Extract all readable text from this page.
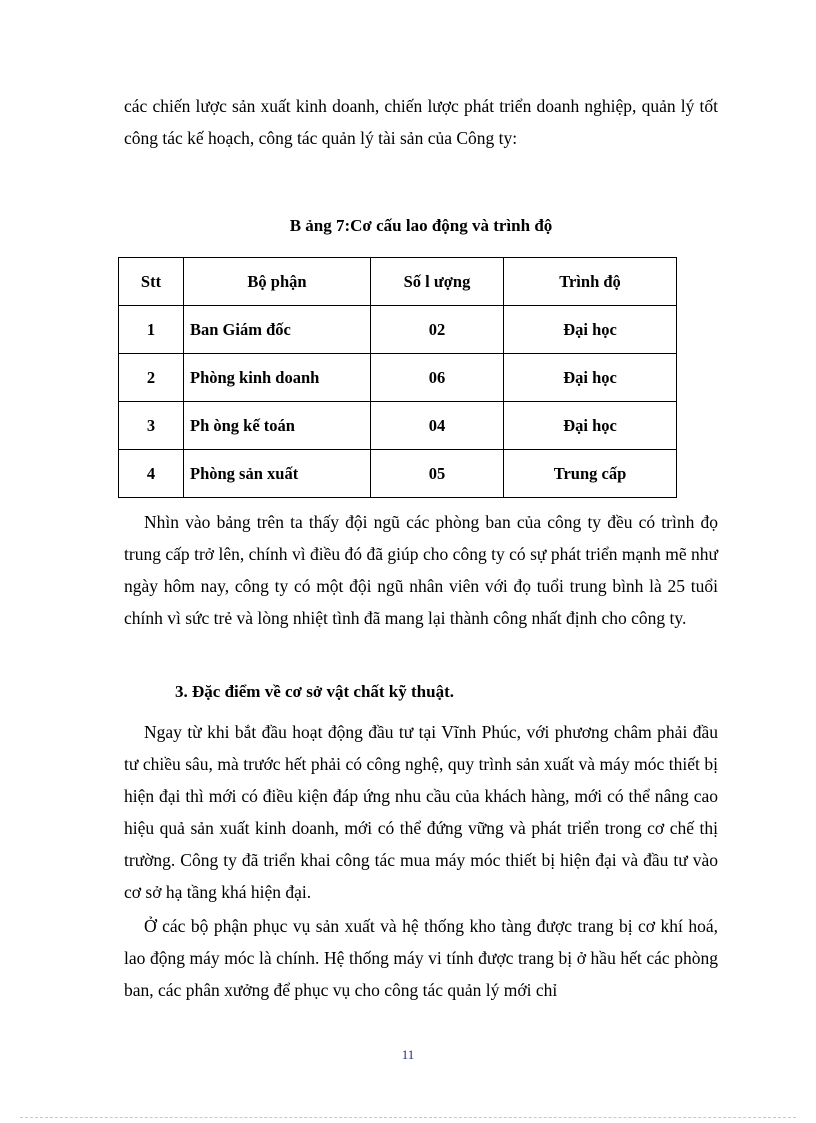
các chiến lược sản xuất kinh doanh, chiến lược phát triển doanh nghiệp, quản lý tốt công tác kế hoạch, công tác quản lý tài sản của Công ty:
B ảng 7:Cơ cấu lao động và trình độ
Stt	Bộ phận	Số l ượng	Trình độ
1	Ban Giám đốc	02	Đại học
2	Phòng kinh doanh	06	Đại học
3	Ph òng kế toán	04	Đại học
4	Phòng sản xuất	05	Trung cấp
Nhìn vào bảng trên ta thấy đội ngũ các phòng ban của công ty đều có trình đọ trung cấp trở lên, chính vì điều đó đã giúp cho công ty có sự phát triển mạnh mẽ như ngày hôm nay, công ty có một đội ngũ nhân viên với đọ tuổi trung bình là 25 tuổi chính vì sức trẻ và lòng nhiệt tình đã mang lại thành công nhất định cho công ty.
3. Đặc điểm về cơ sở vật chất kỹ thuật.
Ngay từ khi bắt đầu hoạt động đầu tư tại Vĩnh Phúc, với phương châm phải đầu tư chiều sâu, mà trước hết phải có công nghệ, quy trình sản xuất và máy móc thiết bị hiện đại thì mới có điều kiện đáp ứng nhu cầu của khách hàng, mới có thể nâng cao hiệu quả sản xuất kinh doanh, mới có thể đứng vững và phát triển trong cơ chế thị trường. Công ty đã triển khai công tác mua máy móc thiết bị hiện đại và đầu tư vào cơ sở hạ tầng khá hiện đại.
Ở các bộ phận phục vụ sản xuất và hệ thống kho tàng được trang bị cơ khí hoá, lao động máy móc là chính. Hệ thống máy vi tính được trang bị ở hầu hết các phòng ban, các phân xưởng để phục vụ cho công tác quản lý mới chỉ
11
